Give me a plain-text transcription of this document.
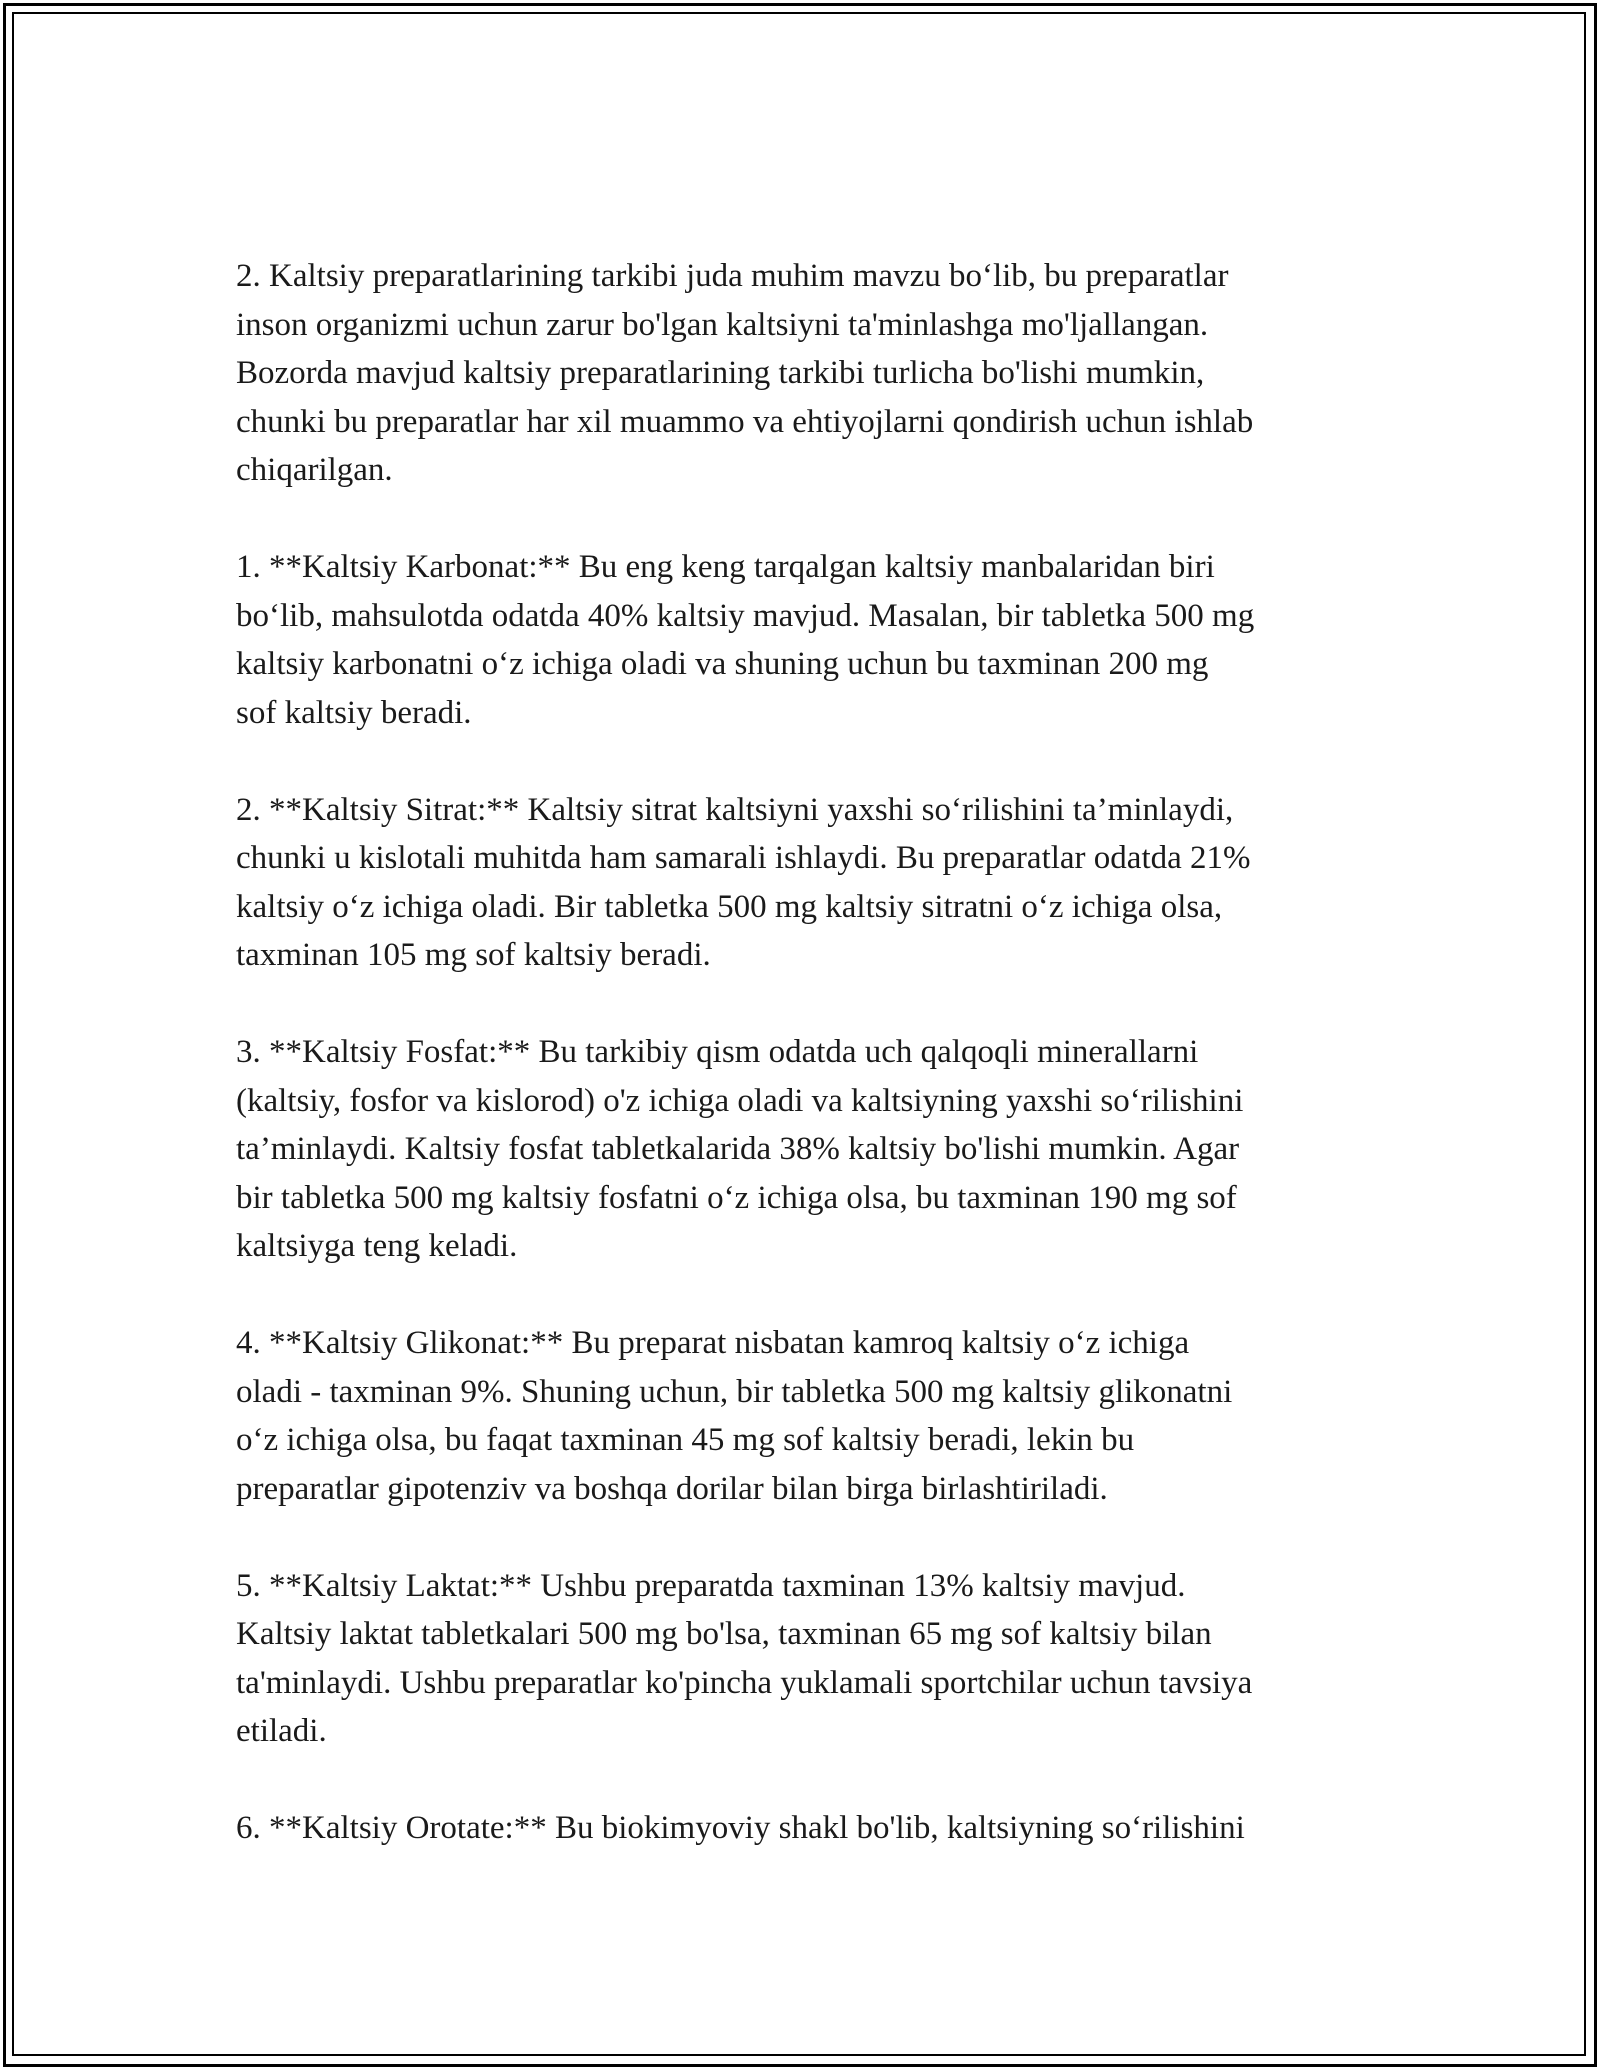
2. Kaltsiy preparatlarining tarkibi juda muhim mavzu bo‘lib, bu preparatlar
inson organizmi uchun zarur bo'lgan kaltsiyni ta'minlashga mo'ljallangan.
Bozorda mavjud kaltsiy preparatlarining tarkibi turlicha bo'lishi mumkin,
chunki bu preparatlar har xil muammo va ehtiyojlarni qondirish uchun ishlab
chiqarilgan.

1. **Kaltsiy Karbonat:** Bu eng keng tarqalgan kaltsiy manbalaridan biri
bo‘lib, mahsulotda odatda 40% kaltsiy mavjud. Masalan, bir tabletka 500 mg
kaltsiy karbonatni o‘z ichiga oladi va shuning uchun bu taxminan 200 mg
sof kaltsiy beradi.

2. **Kaltsiy Sitrat:** Kaltsiy sitrat kaltsiyni yaxshi so‘rilishini ta’minlaydi,
chunki u kislotali muhitda ham samarali ishlaydi. Bu preparatlar odatda 21%
kaltsiy o‘z ichiga oladi. Bir tabletka 500 mg kaltsiy sitratni o‘z ichiga olsa,
taxminan 105 mg sof kaltsiy beradi.

3. **Kaltsiy Fosfat:** Bu tarkibiy qism odatda uch qalqoqli minerallarni
(kaltsiy, fosfor va kislorod) o'z ichiga oladi va kaltsiyning yaxshi so‘rilishini
ta’minlaydi. Kaltsiy fosfat tabletkalarida 38% kaltsiy bo'lishi mumkin. Agar
bir tabletka 500 mg kaltsiy fosfatni o‘z ichiga olsa, bu taxminan 190 mg sof
kaltsiyga teng keladi.

4. **Kaltsiy Glikonat:** Bu preparat nisbatan kamroq kaltsiy o‘z ichiga
oladi - taxminan 9%. Shuning uchun, bir tabletka 500 mg kaltsiy glikonatni
o‘z ichiga olsa, bu faqat taxminan 45 mg sof kaltsiy beradi, lekin bu
preparatlar gipotenziv va boshqa dorilar bilan birga birlashtiriladi.

5. **Kaltsiy Laktat:** Ushbu preparatda taxminan 13% kaltsiy mavjud.
Kaltsiy laktat tabletkalari 500 mg bo'lsa, taxminan 65 mg sof kaltsiy bilan
ta'minlaydi. Ushbu preparatlar ko'pincha yuklamali sportchilar uchun tavsiya
etiladi.

6. **Kaltsiy Orotate:** Bu biokimyoviy shakl bo'lib, kaltsiyning so‘rilishini
